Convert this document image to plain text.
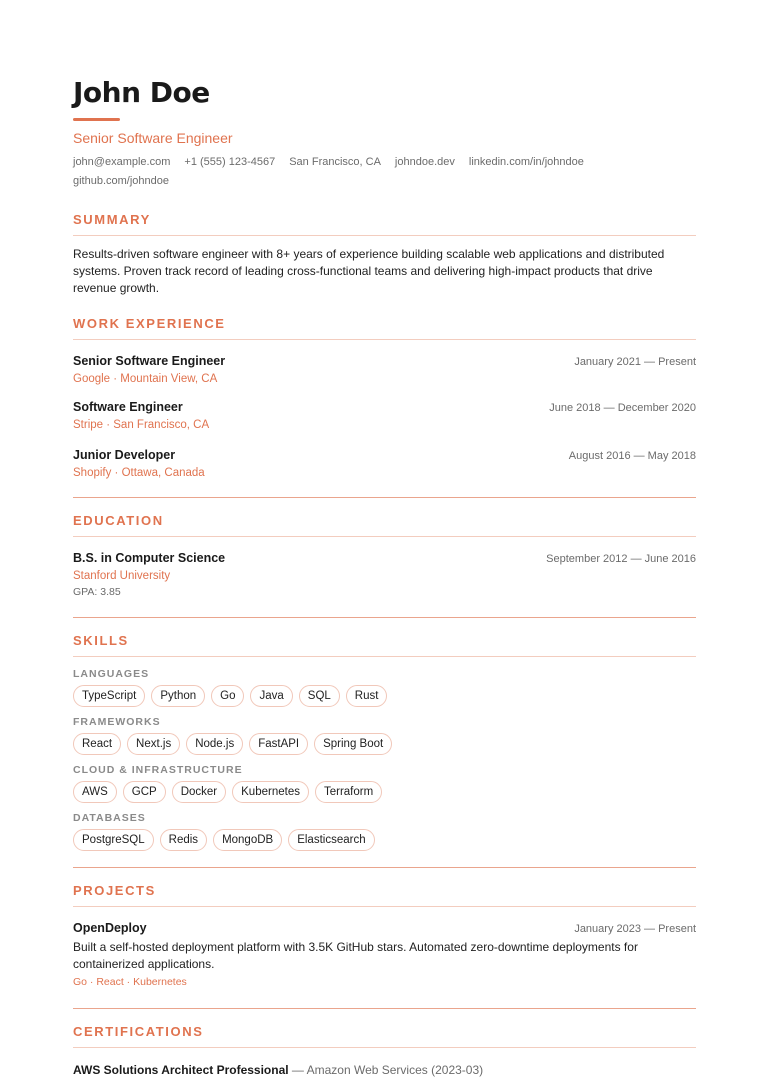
John Doe
Senior Software Engineer
john@example.com +1 (555) 123-4567 San Francisco, CA johndoe.dev linkedin.com/in/johndoe
github.com/johndoe
SUMMARY
Results-driven software engineer with 8+ years of experience building scalable web applications and distributed systems. Proven track record of leading cross-functional teams and delivering high-impact products that drive revenue growth.
WORK EXPERIENCE
Senior Software Engineer	January 2021 — Present
Google · Mountain View, CA
Software Engineer	June 2018 — December 2020
Stripe · San Francisco, CA
Junior Developer	August 2016 — May 2018
Shopify · Ottawa, Canada
EDUCATION
B.S. in Computer Science	September 2012 — June 2016
Stanford University
GPA: 3.85
SKILLS
LANGUAGES
TypeScript	Python	Go	Java	SQL	Rust
FRAMEWORKS
React	Next.js	Node.js	FastAPI	Spring Boot
CLOUD & INFRASTRUCTURE
AWS	GCP	Docker	Kubernetes	Terraform
DATABASES
PostgreSQL	Redis	MongoDB	Elasticsearch
PROJECTS
OpenDeploy	January 2023 — Present
Built a self-hosted deployment platform with 3.5K GitHub stars. Automated zero-downtime deployments for containerized applications.
Go · React · Kubernetes
CERTIFICATIONS
AWS Solutions Architect Professional — Amazon Web Services (2023-03)
